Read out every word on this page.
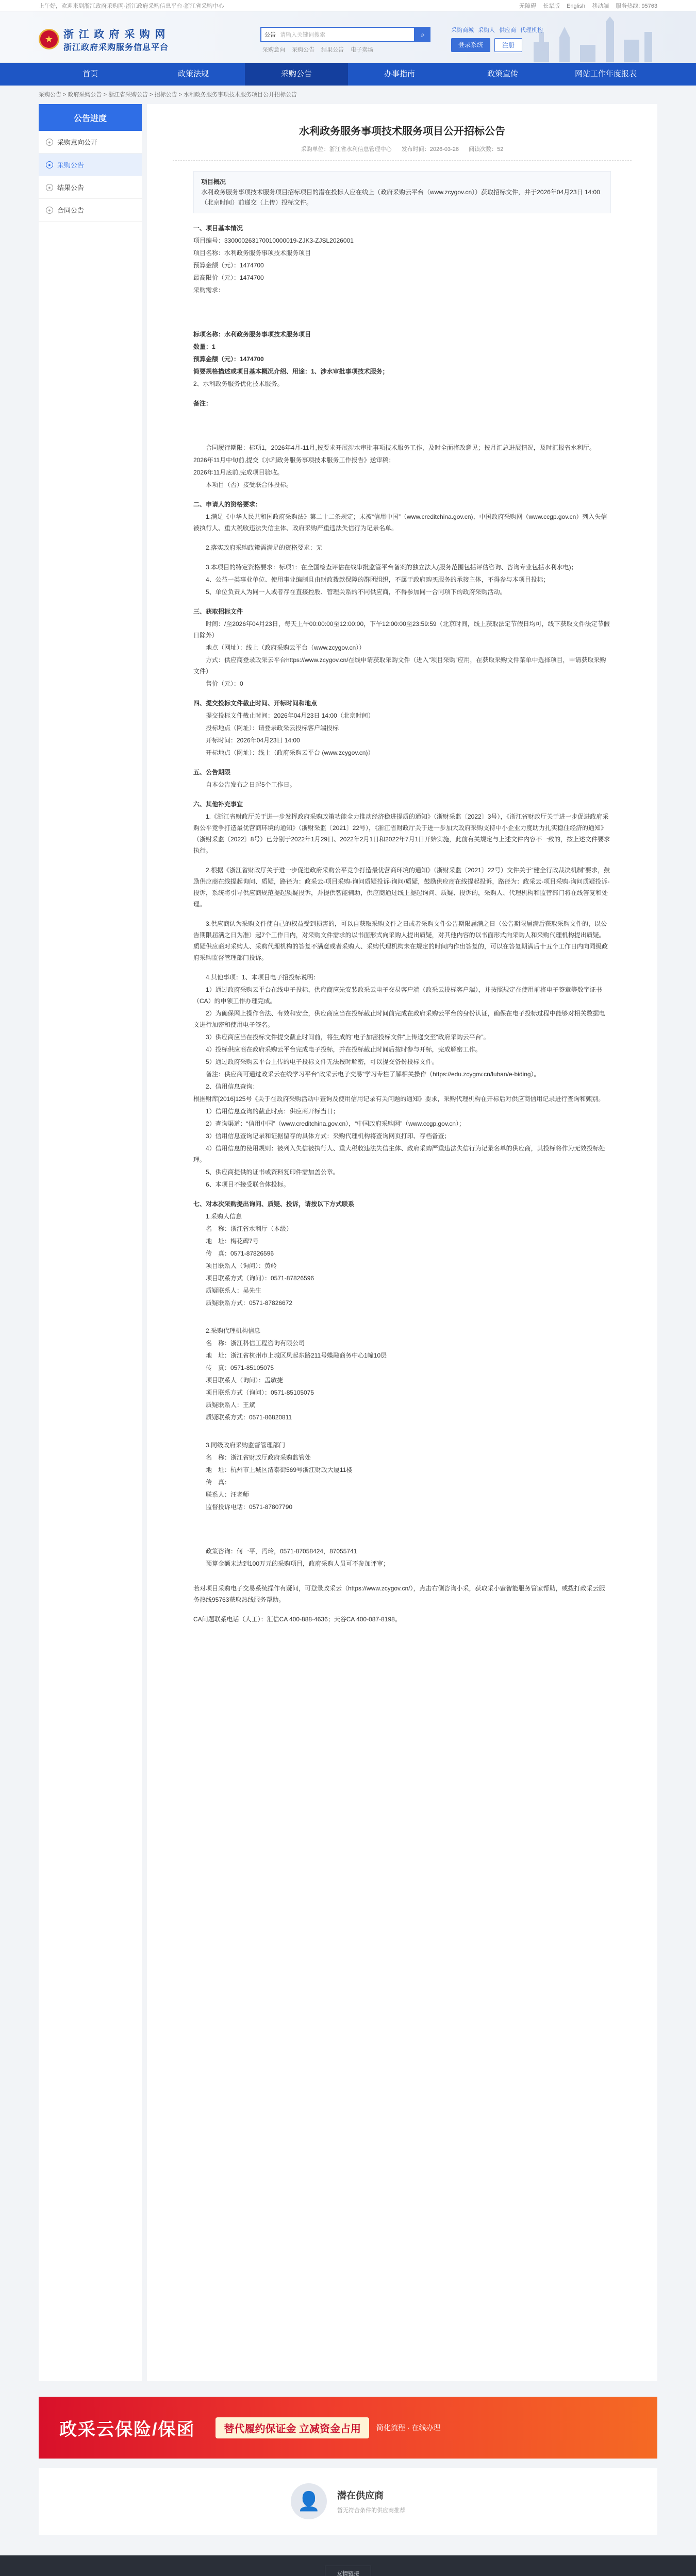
上午好，欢迎来到浙江政府采购网·浙江政府采购信息平台·浙江省采购中心	无障碍 长辈版 English 移动端 服务热线: 95763
★ 浙 江 政 府 采 购 网
浙江政府采购服务信息平台
公告 请输入关键词搜索	⌕
采购意向 采购公告 结果公告 电子卖场
采购商城 采购人 供应商 代理机构
登录系统	注册
首页	政策法规	采购公告	办事指南	政策宣传	网站工作年度报表
采购公告 > 政府采购公告 > 浙江省采购公告 > 招标公告 > 水利政务服务事项技术服务项目公开招标公告
公告进度
● 采购意向公开
● 采购公告
● 结果公告
● 合同公告
水利政务服务事项技术服务项目公开招标公告
采购单位：浙江省水利信息管理中心 发布时间：2026-03-26 阅读次数：52
项目概况
水利政务服务事项技术服务项目招标项目的潜在投标人应在线上（政府采购云平台（www.zcygov.cn））获取招标文件，并于2026年04月23日 14:00（北京时间）前递交（上传）投标文件。
一、项目基本情况

项目编号：330000263170010000019-ZJK3-ZJSL2026001

项目名称：水利政务服务事项技术服务项目

预算金额（元）：1474700

最高限价（元）：1474700

采购需求：

标项名称：水利政务服务事项技术服务项目

数量：1

预算金额（元）：1474700

简要规格描述或项目基本概况介绍、用途：1、涉水审批事项技术服务；

2、水利政务服务优化技术服务。

备注：

合同履行期限：标项1，2026年4月-11月,按要求开展涉水审批事项技术服务工作，及时全面将改意见；按月汇总进展情况，及时汇报省水利厅。

2026年11月中旬前,提交《水利政务服务事项技术服务工作报告》送审稿；

2026年11月底前,完成项目验收。

本项目（否）接受联合体投标。

二、申请人的资格要求：

1.满足《中华人民共和国政府采购法》第二十二条规定；未被“信用中国”（www.creditchina.gov.cn)、中国政府采购网（www.ccgp.gov.cn）列入失信被执行人、重大税收违法失信主体、政府采购严重违法失信行为记录名单。

2.落实政府采购政策需满足的资格要求：无

3.本项目的特定资格要求：标项1：在全国检查评估在线审批监管平台备案的独立法人(服务范围包括评估咨询、咨询专业包括水利水电)；

4、公益一类事业单位、使用事业编制且由财政拨款保障的群团组织，不属于政府购买服务的承接主体，不得参与本项目投标；

5、单位负责人为同一人或者存在直接控股、管理关系的不同供应商，不得参加同一合同项下的政府采购活动。

三、获取招标文件

时间：/至2026年04月23日，每天上午00:00:00至12:00:00，下午12:00:00至23:59:59（北京时间，线上获取法定节假日均可，线下获取文件法定节假日除外）

地点（网址）：线上（政府采购云平台（www.zcygov.cn））

方式：供应商登录政采云平台https://www.zcygov.cn/在线申请获取采购文件（进入“项目采购”应用，在获取采购文件菜单中选择项目，申请获取采购文件）

售价（元）：0

四、提交投标文件截止时间、开标时间和地点

提交投标文件截止时间：2026年04月23日 14:00（北京时间）

投标地点（网址）：请登录政采云投标客户端投标

开标时间：2026年04月23日 14:00

开标地点（网址）：线上（政府采购云平台 (www.zcygov.cn)）

五、公告期限

自本公告发布之日起5个工作日。

六、其他补充事宜

1.《浙江省财政厅关于进一步发挥政府采购政策功能全力推动经济稳进提质的通知》（浙财采监〔2022〕3号），《浙江省财政厅关于进一步促进政府采购公平竞争打造最优营商环境的通知》（浙财采监〔2021〕22号），《浙江省财政厅关于进一步加大政府采购支持中小企业力度助力扎实稳住经济的通知》（浙财采监〔2022〕8号）已分别于2022年1月29日、2022年2月1日和2022年7月1日开始实施，此前有关规定与上述文件内容不一致的，按上述文件要求执行。

2.根据《浙江省财政厅关于进一步促进政府采购公平竞争打造最优营商环境的通知》（浙财采监〔2021〕22号）文件关于“健全行政裁决机制”要求，鼓励供应商在线提起询问、质疑，路径为：政采云-项目采购-询问质疑投诉-询问/质疑，鼓励供应商在线提起投诉，路径为：政采云-项目采购-询问质疑投诉-投诉，系统将引导供应商规范提起质疑投诉，并提供智能辅助，供应商通过线上提起询问、质疑、投诉的，采购人、代理机构和监管部门将在线答复和处理。

3.供应商认为采购文件使自己的权益受到损害的，可以自获取采购文件之日或者采购文件公告期限届满之日（公告期限届满后获取采购文件的，以公告期限届满之日为准）起7个工作日内，对采购文件需求的以书面形式向采购人提出质疑，对其他内容的以书面形式向采购人和采购代理机构提出质疑。质疑供应商对采购人、采购代理机构的答复不满意或者采购人、采购代理机构未在规定的时间内作出答复的，可以在答复期满后十五个工作日内向同级政府采购监督管理部门投诉。

4.其他事项：1、本项目电子招投标说明：

1）通过政府采购云平台在线电子投标，供应商应先安装政采云电子交易客户端（政采云投标客户端），并按照规定在使用前将电子签章等数字证书（CA）的申领工作办理完成。

2）为确保网上操作合法、有效和安全，供应商应当在投标截止时间前完成在政府采购云平台的身份认证，确保在电子投标过程中能够对相关数据电文进行加密和使用电子签名。

3）供应商应当在投标文件提交截止时间前，将生成的“电子加密投标文件”上传递交至“政府采购云平台”。

4）投标供应商在政府采购云平台完成电子投标，并在投标截止时间后按时参与开标，完成解密工作。

5）通过政府采购云平台上传的电子投标文件无法按时解密，可以提交备份投标文件。

备注：供应商可通过政采云在线学习平台“政采云电子交易”学习专栏了解相关操作（https://edu.zcygov.cn/luban/e-biding）。

2、信用信息查询：

根据财库[2016]125号《关于在政府采购活动中查询及使用信用记录有关问题的通知》要求，采购代理机构在开标后对供应商信用记录进行查询和甄别。

1）信用信息查询的截止时点：供应商开标当日；

2）查询渠道：“信用中国”（www.creditchina.gov.cn），“中国政府采购网”（www.ccgp.gov.cn）；

3）信用信息查询记录和证据留存的具体方式：采购代理机构将查询网页打印、存档备查；

4）信用信息的使用规则：被列入失信被执行人、重大税收违法失信主体、政府采购严重违法失信行为记录名单的供应商，其投标将作为无效投标处理。

5、供应商提供的证书或资料复印件需加盖公章。

6、本项目不接受联合体投标。

七、对本次采购提出询问、质疑、投诉，请按以下方式联系

1.采购人信息

名　称：浙江省水利厅（本级）

地　址：梅花碑7号

传　真：0571-87826596

项目联系人（询问）：黄岭

项目联系方式（询问）：0571-87826596

质疑联系人：吴先生

质疑联系方式：0571-87826672

2.采购代理机构信息

名　称：浙江科信工程咨询有限公司

地　址：浙江省杭州市上城区凤起东路211号蝶融商务中心1幢10层

传　真：0571-85105075

项目联系人（询问）：孟敏捷

项目联系方式（询问）：0571-85105075

质疑联系人：王斌

质疑联系方式：0571-86820811

3.同级政府采购监督管理部门

名　称：浙江省财政厅政府采购监管处

地　址：杭州市上城区清泰街569号浙江财政大厦11楼

传　真：

联系人：汪老师

监督投诉电话：0571-87807790

政策咨询：何一平，冯玲，0571-87058424，87055741

预算金额未达到100万元的采购项目，政府采购人员可不参加评审；

若对项目采购电子交易系统操作有疑问，可登录政采云（https://www.zcygov.cn/），点击右侧咨询小采，获取采小蜜智能服务管家帮助，或拨打政采云服务热线95763获取热线服务帮助。

CA问题联系电话（人工）：汇信CA 400-888-4636；天谷CA 400-087-8198。

政采云保险/保函	替代履约保证金 立减资金占用	简化流程 · 在线办理
👤	潜在供应商
暂无符合条件的供应商推荐
友情链接
